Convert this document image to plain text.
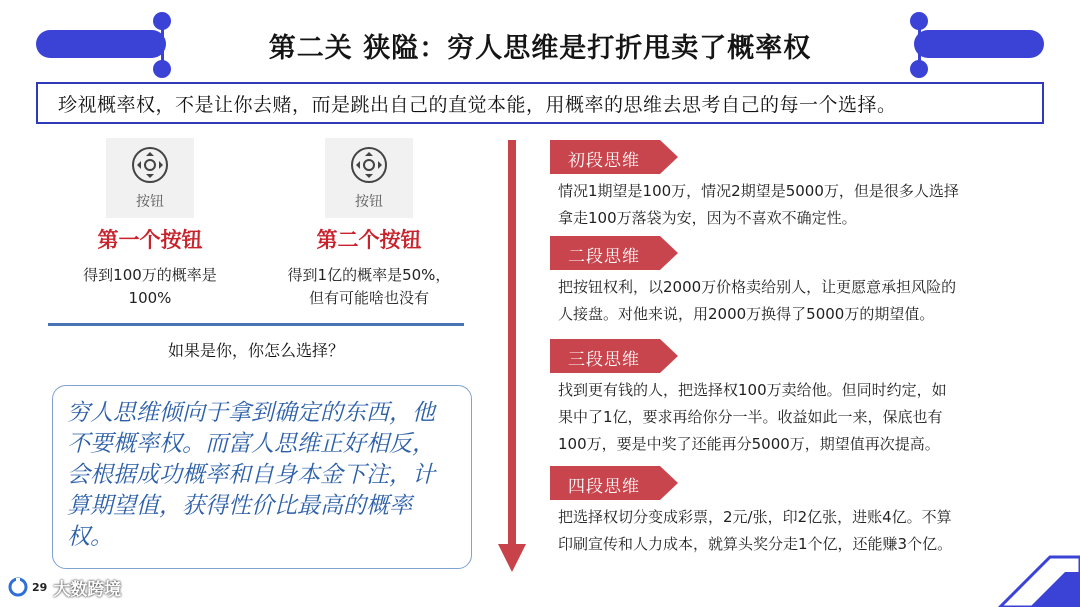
第二关 狭隘：穷人思维是打折甩卖了概率权
珍视概率权，不是让你去赌，而是跳出自己的直觉本能，用概率的思维去思考自己的每一个选择。
按钮
第一个按钮
得到100万的概率是
100%
按钮
第二个按钮
得到1亿的概率是50%，
但有可能啥也没有
如果是你，你怎么选择？
穷人思维倾向于拿到确定的东西，他不要概率权。而富人思维正好相反，会根据成功概率和自身本金下注，计算期望值，获得性价比最高的概率权。
初段思维
情况1期望是100万，情况2期望是5000万，但是很多人选择
拿走100万落袋为安，因为不喜欢不确定性。
二段思维
把按钮权利，以2000万价格卖给别人，让更愿意承担风险的
人接盘。对他来说，用2000万换得了5000万的期望值。
三段思维
找到更有钱的人，把选择权100万卖给他。但同时约定，如
果中了1亿，要求再给你分一半。收益如此一来，保底也有
100万，要是中奖了还能再分5000万，期望值再次提高。
四段思维
把选择权切分变成彩票，2元/张，印2亿张，进账4亿。不算
印刷宣传和人力成本，就算头奖分走1个亿，还能赚3个亿。
29 大数跨境
